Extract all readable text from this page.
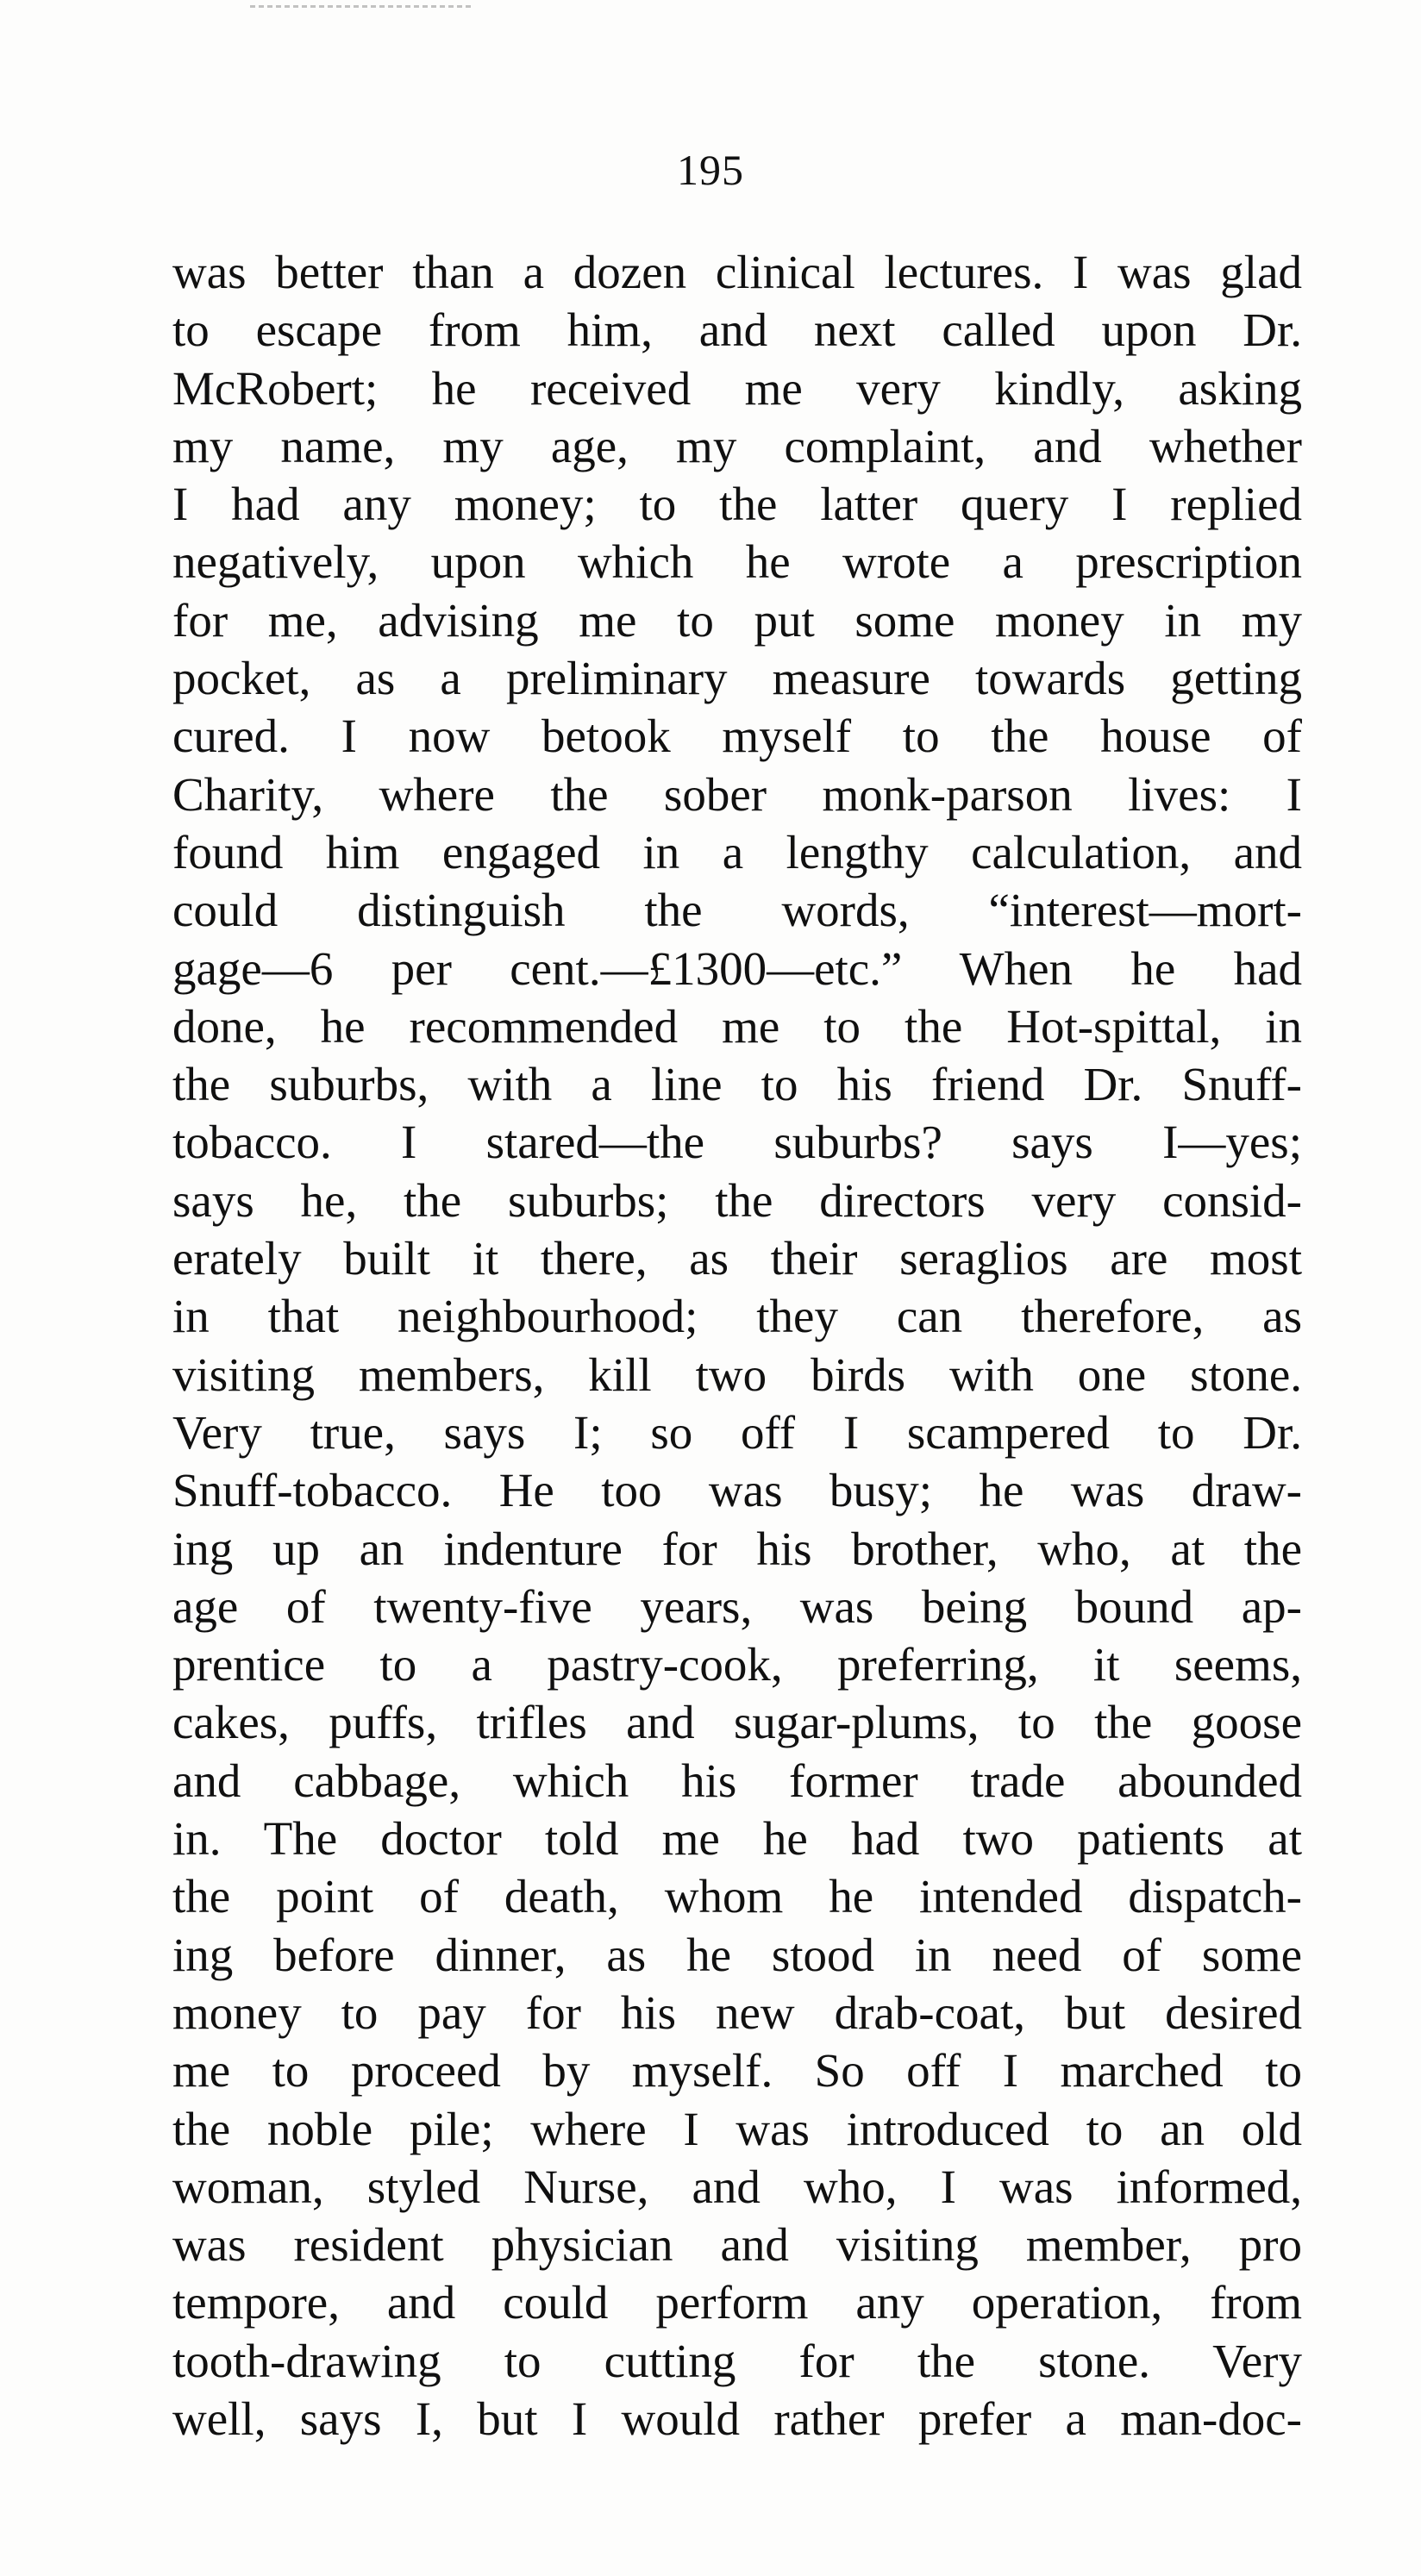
195
was better than a dozen clinical lectures. I was glad
to escape from him, and next called upon Dr.
McRobert; he received me very kindly, asking
my name, my age, my complaint, and whether
I had any money; to the latter query I replied
negatively, upon which he wrote a prescription
for me, advising me to put some money in my
pocket, as a preliminary measure towards getting
cured. I now betook myself to the house of
Charity, where the sober monk-parson lives: I
found him engaged in a lengthy calculation, and
could distinguish the words, “interest—mort-
gage—6 per cent.—£1300—etc.” When he had
done, he recommended me to the Hot-spittal, in
the suburbs, with a line to his friend Dr. Snuff-
tobacco. I stared—the suburbs? says I—yes;
says he, the suburbs; the directors very consid-
erately built it there, as their seraglios are most
in that neighbourhood; they can therefore, as
visiting members, kill two birds with one stone.
Very true, says I; so off I scampered to Dr.
Snuff-tobacco. He too was busy; he was draw-
ing up an indenture for his brother, who, at the
age of twenty-five years, was being bound ap-
prentice to a pastry-cook, preferring, it seems,
cakes, puffs, trifles and sugar-plums, to the goose
and cabbage, which his former trade abounded
in. The doctor told me he had two patients at
the point of death, whom he intended dispatch-
ing before dinner, as he stood in need of some
money to pay for his new drab-coat, but desired
me to proceed by myself. So off I marched to
the noble pile; where I was introduced to an old
woman, styled Nurse, and who, I was informed,
was resident physician and visiting member, pro
tempore, and could perform any operation, from
tooth-drawing to cutting for the stone. Very
well, says I, but I would rather prefer a man-doc-
